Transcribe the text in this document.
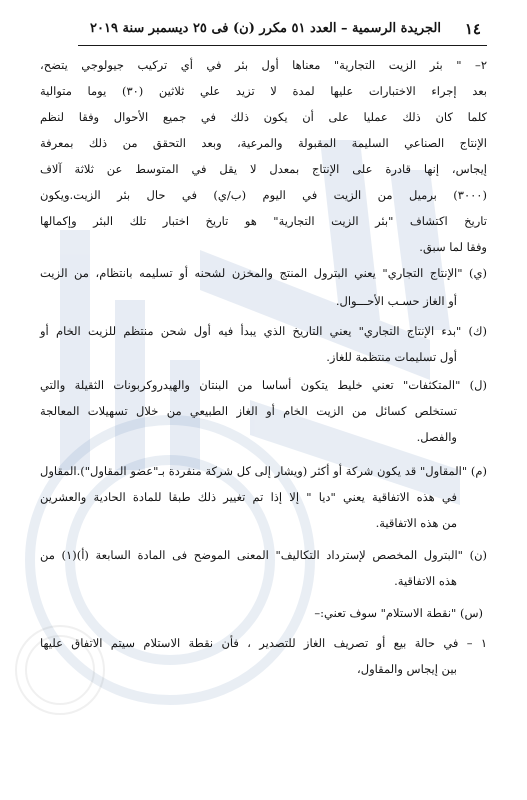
١٤
الجريدة الرسمية – العدد ٥١ مكرر (ن) فى ٢٥ ديسمبر سنة ٢٠١٩
٢– " بئر الزيت التجارية" معناها أول بئر في أي تركيب جيولوجي يتضح،
بعد إجراء الاختبارات عليها لمدة لا تزيد علي ثلاثين (٣٠) يوما متوالية
كلما كان ذلك عمليا على أن يكون ذلك في جميع الأحوال وفقا لنظم
الإنتاج الصناعي السليمة المقبولة والمرعية، وبعد التحقق من ذلك بمعرفة
إيجاس، إنها قادرة على الإنتاج بمعدل لا يقل في المتوسط عن ثلاثة آلاف
(٣٠٠٠) برميل من الزيت في اليوم (ب/ي) في حال بئر الزيت.ويكون
تاريخ اكتشاف "بئر الزيت التجارية" هو تاريخ اختبار تلك البئر وإكمالها
وفقا لما سبق.
(ي) "الإنتاج التجاري" يعني البترول المنتج والمخزن لشحنه أو تسليمه بانتظام، من الزيت
أو الغاز حسـب الأحـــوال.
(ك) "بدء الإنتاج التجاري" يعني التاريخ الذي يبدأ فيه أول شحن منتظم للزيت الخام أو
أول تسليمات منتظمة للغاز.
(ل) "المتكثفات" تعني خليط يتكون أساسا من البنتان والهيدروكربونات الثقيلة والتي
تستخلص كسائل من الزيت الخام أو الغاز الطبيعي من خلال تسهيلات المعالجة
والفصل.
(م) "المقاول" قد يكون شركة أو أكثر (ويشار إلى كل شركة منفردة بـ"عضو المقاول").المقاول
في هذه الاتفاقية يعني "ديا " إلا إذا تم تغيير ذلك طبقا للمادة الحادية والعشرين
من هذه الاتفاقية.
(ن) "البترول المخصص لإسترداد التكاليف" المعنى الموضح فى المادة السابعة (أ)(١) من
هذه الاتفاقية.
(س) "نقطة الاستلام" سوف تعني:–
١ – في حالة بيع أو تصريف الغاز للتصدير ، فأن نقطة الاستلام سيتم الاتفاق عليها
بين إيجاس والمقاول،
